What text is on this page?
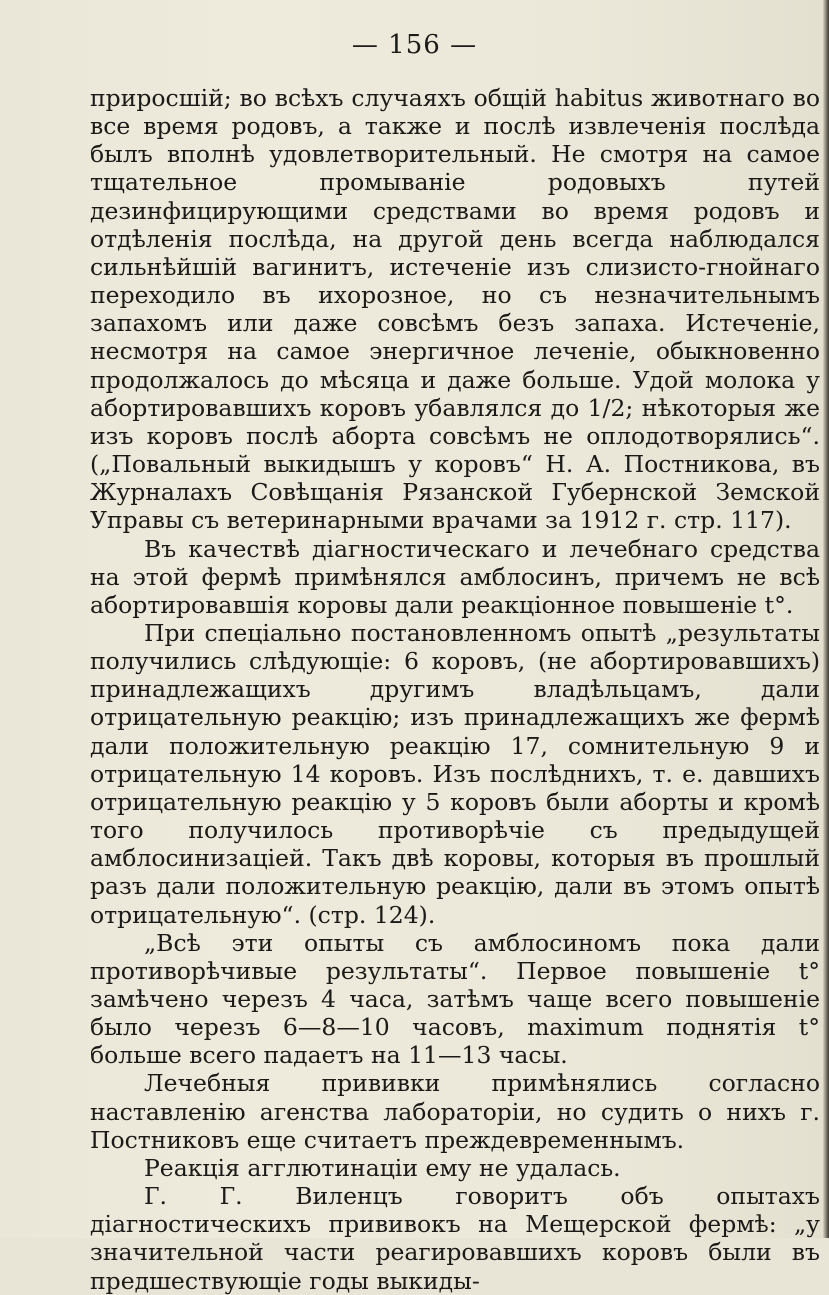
— 156 —

приросшій; во всѣхъ случаяхъ общій habitus животнаго во все время родовъ, а также и послѣ извлеченія послѣда былъ вполнѣ удовлетворительный. Не смотря на самое тщательное промываніе родовыхъ путей дезинфицирующими средствами во время родовъ и отдѣленія послѣда, на другой день всегда наблюдался сильнѣйшій вагинитъ, истеченіе изъ слизисто-гнойнаго переходило въ ихорозное, но съ незначительнымъ запахомъ или даже совсѣмъ безъ запаха. Истеченіе, несмотря на самое энергичное леченіе, обыкновенно продолжалось до мѣсяца и даже больше. Удой молока у абортировавшихъ коровъ убавлялся до 1/2; нѣкоторыя же изъ коровъ послѣ аборта совсѣмъ не оплодотворялись“. („Повальный выкидышъ у коровъ“ Н. А. Постникова, въ Журналахъ Совѣщанія Рязанской Губернской Земской Управы съ ветеринарными врачами за 1912 г. стр. 117).

Въ качествѣ діагностическаго и лечебнаго средства на этой фермѣ примѣнялся амблосинъ, причемъ не всѣ абортировавшія коровы дали реакціонное повышеніе t°.

При спеціально постановленномъ опытѣ „результаты получились слѣдующіе: 6 коровъ, (не абортировавшихъ) принадлежащихъ другимъ владѣльцамъ, дали отрицательную реакцію; изъ принадлежащихъ же фермѣ дали положительную реакцію 17, сомнительную 9 и отрицательную 14 коровъ. Изъ послѣднихъ, т. е. давшихъ отрицательную реакцію у 5 коровъ были аборты и кромѣ того получилось противорѣчіе съ предыдущей амблосинизаціей. Такъ двѣ коровы, которыя въ прошлый разъ дали положительную реакцію, дали въ этомъ опытѣ отрицательную“. (стр. 124).

„Всѣ эти опыты съ амблосиномъ пока дали противорѣчивые результаты“. Первое повышеніе t° замѣчено черезъ 4 часа, затѣмъ чаще всего повышеніе было черезъ 6—8—10 часовъ, maximum поднятія t° больше всего падаетъ на 11—13 часы.

Лечебныя прививки примѣнялись согласно наставленію агенства лабораторіи, но судить о нихъ г. Постниковъ еще считаетъ преждевременнымъ.

Реакція агглютинаціи ему не удалась.

Г. Г. Виленцъ говоритъ объ опытахъ діагностическихъ прививокъ на Мещерской фермѣ: „у значительной части реагировавшихъ коровъ были въ предшествующіе годы выкиды-
